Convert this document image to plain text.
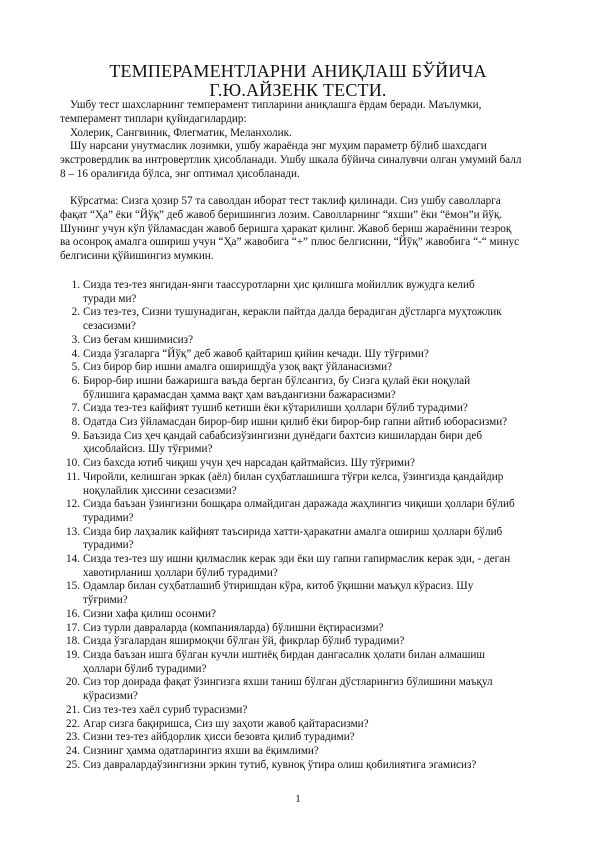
ТЕМПЕРАМЕНТЛАРНИ АНИҚЛАШ БЎЙИЧА
Г.Ю.АЙЗЕНК ТЕСТИ.
Ушбу тест шахсларнинг темперамент типларини аниқлашга ёрдам беради. Маълумки,
темперамент типлари қуйидагилардир:
Холерик, Сангвиник, Флегматик, Меланхолик.
Шу нарсани унутмаслик лозимки, ушбу жараёнда энг муҳим параметр бўлиб шахсдаги
экстровердлик ва интровертлик ҳисобланади. Ушбу шкала бўйича синалувчи олган умумий балл
8 – 16 оралиғида бўлса, энг оптимал ҳисобланади.
Кўрсатма: Сизга ҳозир 57 та саволдан иборат тест таклиф қилинади. Сиз ушбу саволларга
фақат “Ҳа” ёки “Йўқ” деб жавоб беришингиз лозим. Саволларнинг “яхши” ёки “ёмон”и йўқ.
Шунинг учун кўп ўйламасдан жавоб беришга ҳаракат қилинг. Жавоб бериш жараёнини тезроқ
ва осонроқ амалга ошириш учун “Ҳа” жавобига “+” плюс белгисини, “Йўқ” жавобига “-“ минус
белгисини қўйишингиз мумкин.
1. Сизда тез-тез янгидан-янги таассуротларни ҳис қилишга мойиллик вужудга келиб
туради ми?
2. Сиз тез-тез, Сизни тушунадиган, керакли пайтда далда берадиган дўстларга муҳтожлик
сезасизми?
3. Сиз беғам кишимисиз?
4. Сизда ўзгаларга “Йўқ” деб жавоб қайтариш қийин кечади. Шу тўғрими?
5. Сиз бирор бир ишни амалга оширишдўа узоқ вақт ўйланасизми?
6. Бирор-бир ишни бажаришга ваъда берган бўлсангиз, бу Сизга қулай ёки ноқулай
бўлишига қарамасдан ҳамма вақт ҳам ваъдангизни бажарасизми?
7. Сизда тез-тез кайфият тушиб кетиши ёки кўтарилиши ҳоллари бўлиб турадими?
8. Одатда Сиз ўйламасдан бирор-бир ишни қилиб ёки бирор-бир гапни айтиб юборасизми?
9. Баъзида Сиз ҳеч қандай сабабсизўзингизни дунёдаги бахтсиз кишилардан бири деб
ҳисоблайсиз. Шу тўғрими?
10. Сиз бахсда ютиб чиқиш учун ҳеч нарсадан қайтмайсиз. Шу тўғрими?
11. Чиройли, келишган эркак (аёл) билан суҳбатлашишга тўғри келса, ўзингизда қандайдир
ноқулайлик ҳиссини сезасизми?
12. Сизда баъзан ўзингизни бошқара олмайдиган даражада жаҳлингиз чиқиши ҳоллари бўлиб
турадими?
13. Сизда бир лаҳзалик кайфият таъсирида хатти-ҳаракатни амалга ошириш ҳоллари бўлиб
турадими?
14. Сизда тез-тез шу ишни қилмаслик керак эди ёки шу гапни гапирмаслик керак эди, - деган
хавотирланиш ҳоллари бўлиб турадими?
15. Одамлар билан суҳбатлашиб ўтиришдан кўра, китоб ўқишни маъқул кўрасиз. Шу
тўғрими?
16. Сизни хафа қилиш осонми?
17. Сиз турли давраларда (компанияларда) бўлишни ёқтирасизми?
18. Сизда ўзгалардан яширмоқчи бўлган ўй, фикрлар бўлиб турадими?
19. Сизда баъзан ишга бўлган кучли иштиёқ бирдан дангасалик ҳолати билан алмашиш
ҳоллари бўлиб турадими?
20. Сиз тор доирада фақат ўзингизга яхши таниш бўлган дўстларингиз бўлишини маъқул
кўрасизми?
21. Сиз тез-тез хаёл суриб турасизми?
22. Агар сизга бақиришса, Сиз шу заҳоти жавоб қайтарасизми?
23. Сизни тез-тез айбдорлик ҳисси безовта қилиб турадими?
24. Сизнинг ҳамма одатларингиз яхши ва ёқимлими?
25. Сиз давралардаўзингизни эркин тутиб, кувноқ ўтира олиш қобилиятига эгамисиз?
1
